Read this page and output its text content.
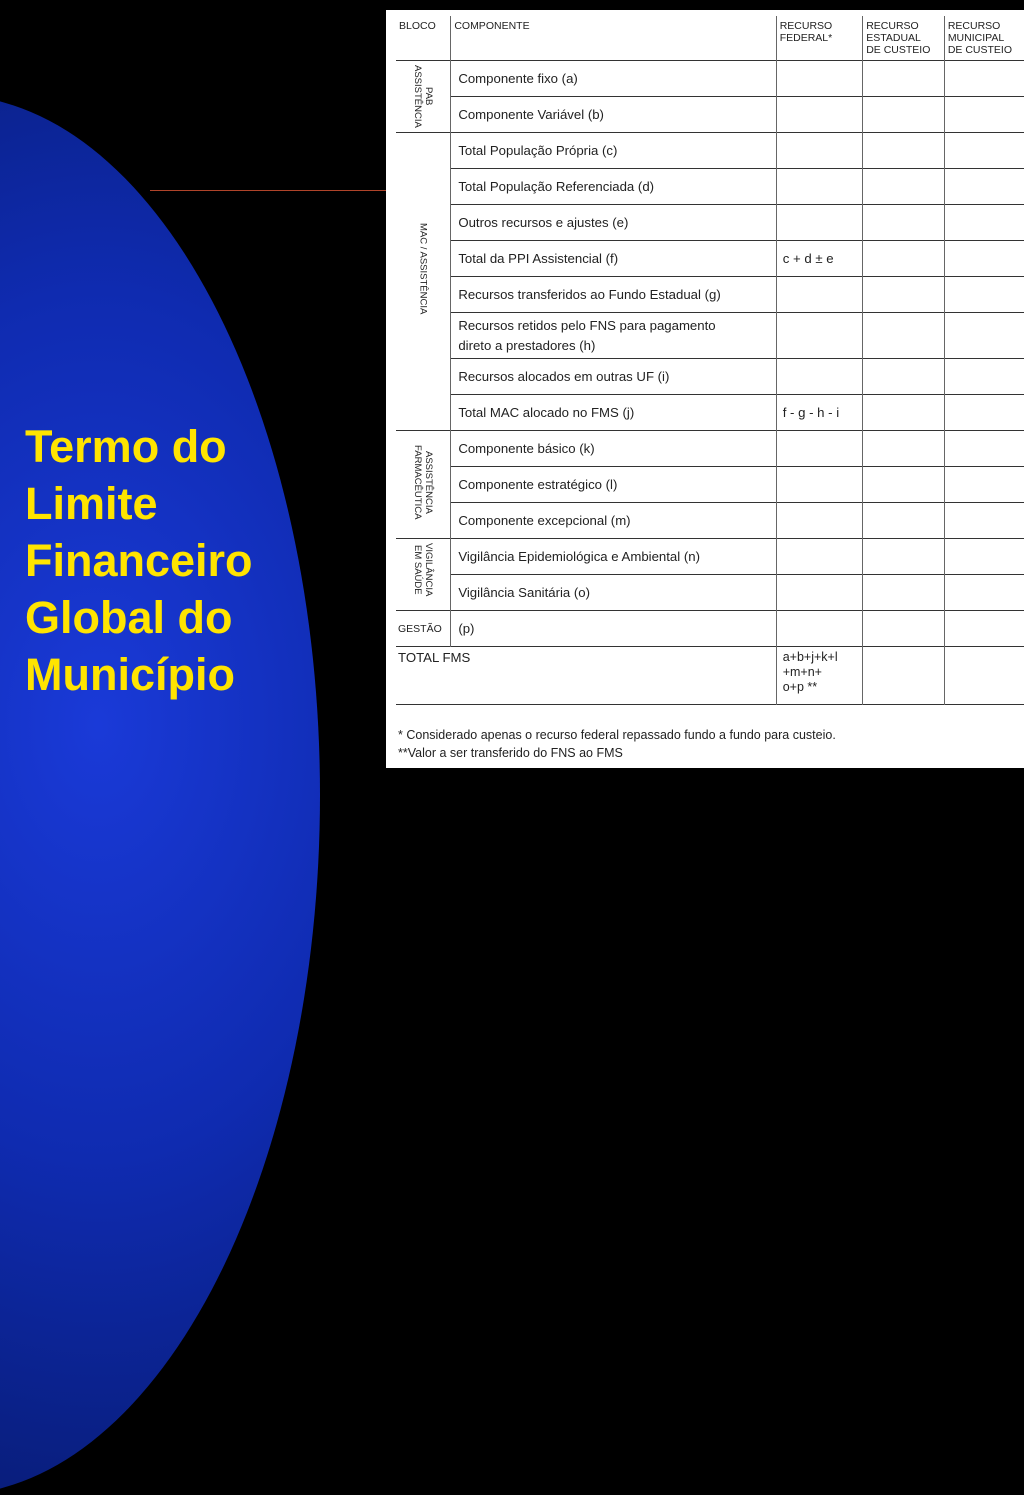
Termo do
Limite
Financeiro
Global do
Município
BLOCO	COMPONENTE	RECURSO
FEDERAL*	RECURSO
ESTADUAL
DE CUSTEIO	RECURSO
MUNICIPAL
DE CUSTEIO
PAB
ASSISTÊNCIA	Componente fixo (a)			
	Componente Variável (b)			
MAC / ASSISTÊNCIA	Total População Própria (c)			
	Total População Referenciada (d)			
	Outros recursos e ajustes (e)			
	Total da PPI Assistencial (f)	c + d ± e		
	Recursos transferidos ao Fundo Estadual (g)			
	Recursos retidos pelo FNS para pagamento
direto a prestadores (h)			
	Recursos alocados em outras UF (i)			
	Total MAC alocado no FMS (j)	f - g - h - i		
ASSISTÊNCIA
FARMACÊUTICA	Componente básico (k)			
	Componente estratégico (l)			
	Componente excepcional (m)			
VIGILÂNCIA
EM SAÚDE	Vigilância Epidemiológica e Ambiental (n)			
	Vigilância Sanitária (o)			
GESTÃO	(p)			
TOTAL FMS		a+b+j+k+l
+m+n+
o+p **		
* Considerado apenas o recurso federal repassado fundo a fundo para custeio.
**Valor a ser transferido do FNS ao FMS
